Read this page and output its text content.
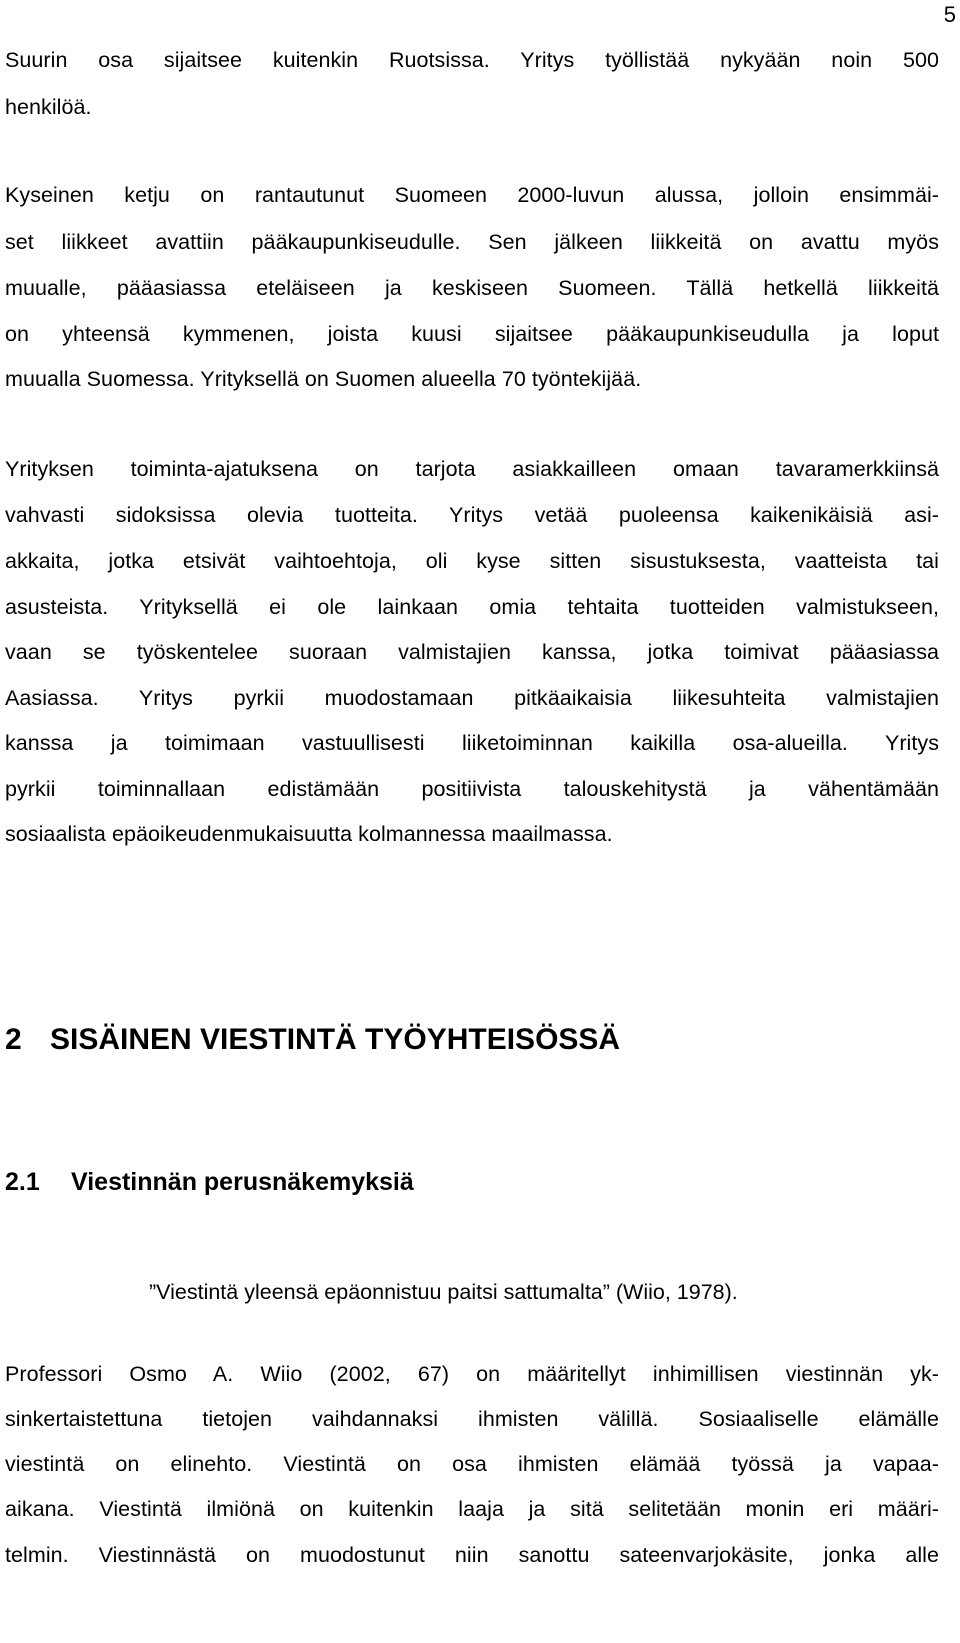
5
Suurin osa sijaitsee kuitenkin Ruotsissa. Yritys työllistää nykyään noin 500
henkilöä.
Kyseinen ketju on rantautunut Suomeen 2000-luvun alussa, jolloin ensimmäi-
set liikkeet avattiin pääkaupunkiseudulle. Sen jälkeen liikkeitä on avattu myös
muualle, pääasiassa eteläiseen ja keskiseen Suomeen. Tällä hetkellä liikkeitä
on yhteensä kymmenen, joista kuusi sijaitsee pääkaupunkiseudulla ja loput
muualla Suomessa. Yrityksellä on Suomen alueella 70 työntekijää.
Yrityksen toiminta-ajatuksena on tarjota asiakkailleen omaan tavaramerkkiinsä
vahvasti sidoksissa olevia tuotteita. Yritys vetää puoleensa kaikenikäisiä asi-
akkaita, jotka etsivät vaihtoehtoja, oli kyse sitten sisustuksesta, vaatteista tai
asusteista. Yrityksellä ei ole lainkaan omia tehtaita tuotteiden valmistukseen,
vaan se työskentelee suoraan valmistajien kanssa, jotka toimivat pääasiassa
Aasiassa. Yritys pyrkii muodostamaan pitkäaikaisia liikesuhteita valmistajien
kanssa ja toimimaan vastuullisesti liiketoiminnan kaikilla osa-alueilla. Yritys
pyrkii toiminnallaan edistämään positiivista talouskehitystä ja vähentämään
sosiaalista epäoikeudenmukaisuutta kolmannessa maailmassa.
2 SISÄINEN VIESTINTÄ TYÖYHTEISÖSSÄ
2.1 Viestinnän perusnäkemyksiä
”Viestintä yleensä epäonnistuu paitsi sattumalta” (Wiio, 1978).
Professori Osmo A. Wiio (2002, 67) on määritellyt inhimillisen viestinnän yk-
sinkertaistettuna tietojen vaihdannaksi ihmisten välillä. Sosiaaliselle elämälle
viestintä on elinehto. Viestintä on osa ihmisten elämää työssä ja vapaa-
aikana. Viestintä ilmiönä on kuitenkin laaja ja sitä selitetään monin eri määri-
telmin. Viestinnästä on muodostunut niin sanottu sateenvarjokäsite, jonka alle
